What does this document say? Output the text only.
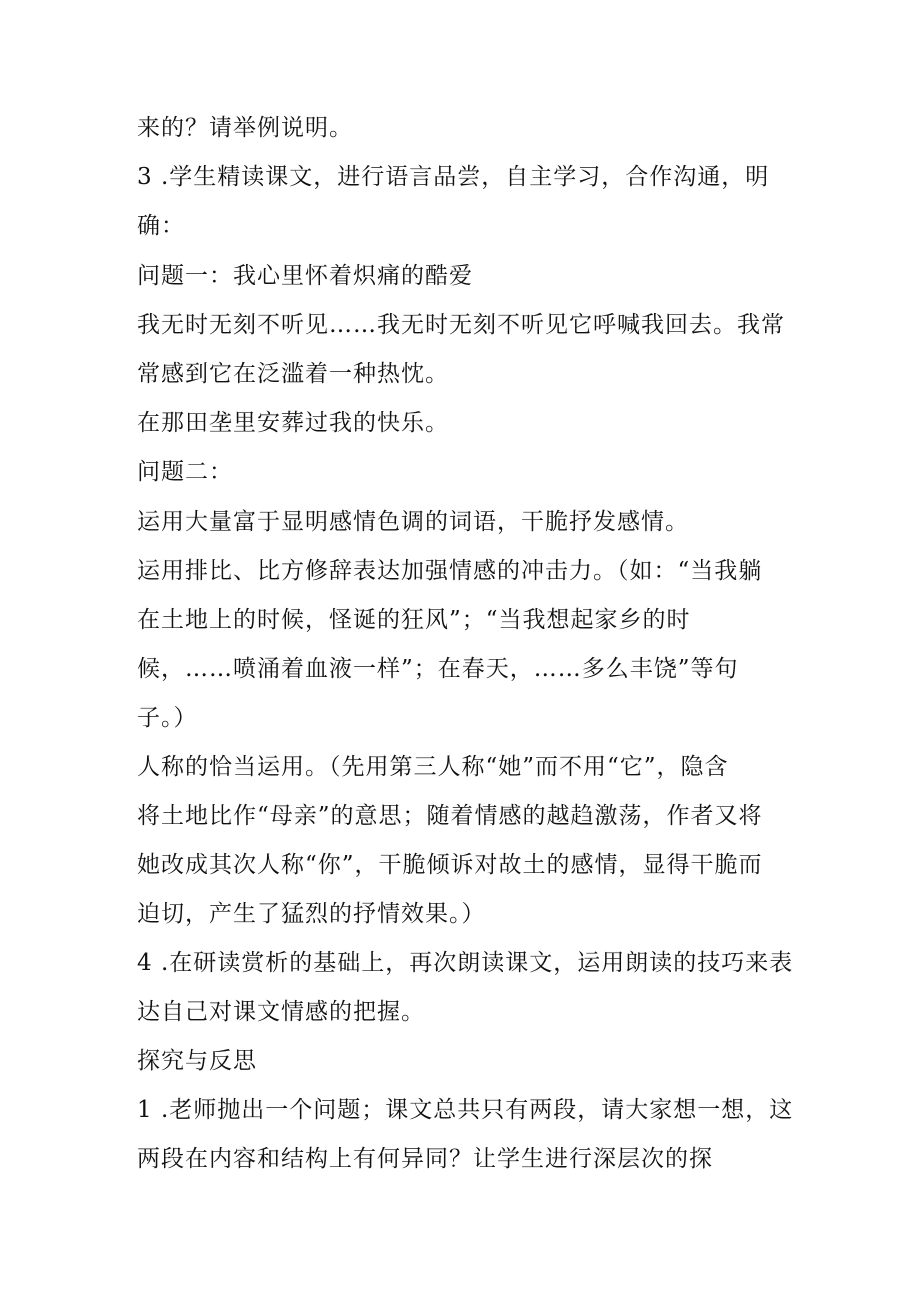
来的？请举例说明。
3 .学生精读课文，进行语言品尝，自主学习，合作沟通，明
确：
问题一：我心里怀着炽痛的酷爱
我无时无刻不听见……我无时无刻不听见它呼喊我回去。我常
常感到它在泛滥着一种热忱。
在那田垄里安葬过我的快乐。
问题二：
运用大量富于显明感情色调的词语，干脆抒发感情。
运用排比、比方修辞表达加强情感的冲击力。（如：“当我躺
在土地上的时候，怪诞的狂风”；“当我想起家乡的时
候，……喷涌着血液一样”；在春天，……多么丰饶”等句
子。）
人称的恰当运用。（先用第三人称“她”而不用“它”，隐含
将土地比作“母亲”的意思；随着情感的越趋激荡，作者又将
她改成其次人称“你”，干脆倾诉对故土的感情，显得干脆而
迫切，产生了猛烈的抒情效果。）
4 .在研读赏析的基础上，再次朗读课文，运用朗读的技巧来表
达自己对课文情感的把握。
探究与反思
1 .老师抛出一个问题；课文总共只有两段，请大家想一想，这
两段在内容和结构上有何异同？让学生进行深层次的探
